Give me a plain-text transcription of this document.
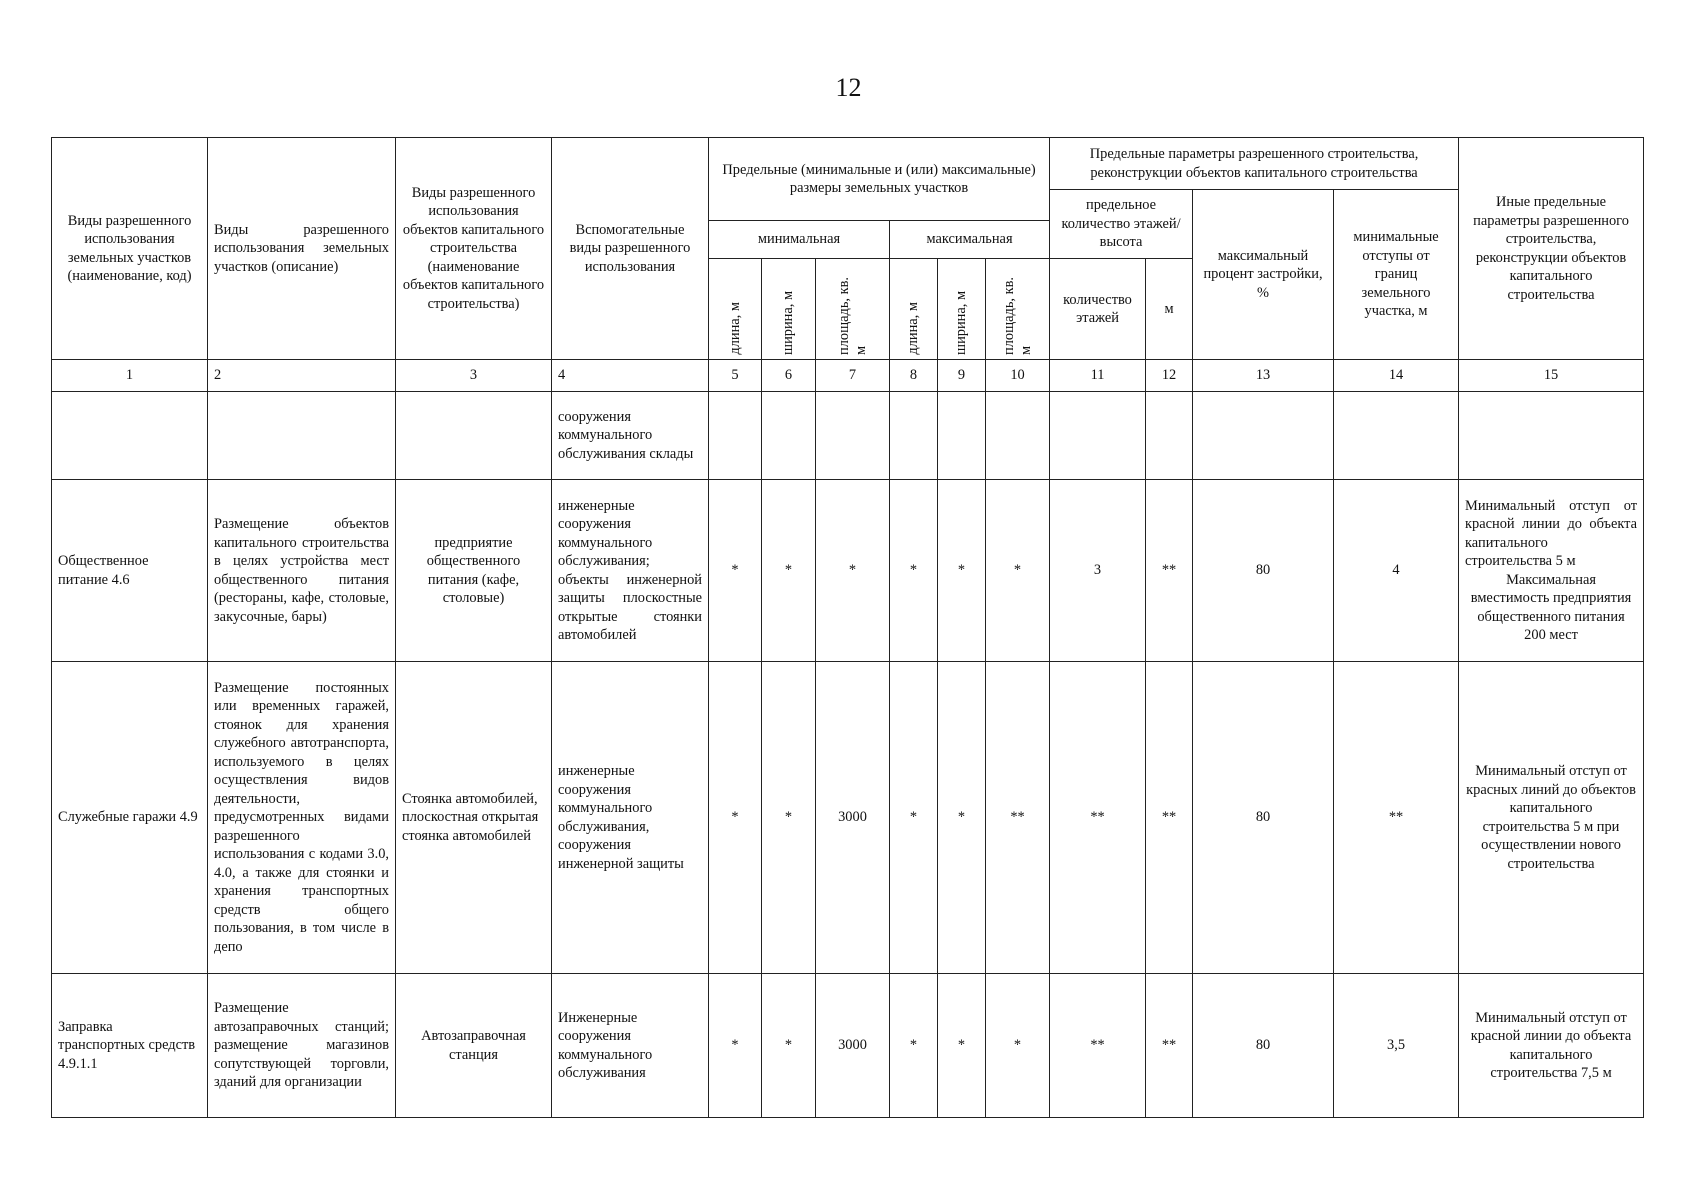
12
Виды разрешенного использования земельных участков (наименование, код)	Виды разрешенного использования земельных участков (описание)	Виды разрешенного использования объектов капитального строительства (наименование объектов капитального строительства)	Вспомогательные виды разрешенного использования	Предельные (минимальные и (или) максимальные) размеры земельных участков						Предельные параметры разрешенного строительства, реконструкции объектов капитального строительства				Иные предельные параметры разрешенного строительства, реконструкции объектов капитального строительства
										предельное количество этажей/высота		максимальный процент застройки, %	минимальные отступы от границ земельного участка, м	
				минимальная			максимальная							

				длина, м	ширина, м	площадь, кв. м	длина, м	ширина, м	площадь, кв. м	количество этажей	м			
1	2	3	4	5	6	7	8	9	10	11	12	13	14	15
			сооружения коммунального обслуживания склады											
Общественное питание 4.6	Размещение объектов капитального строительства в целях устройства мест общественного питания (рестораны, кафе, столовые, закусочные, бары)	предприятие общественного питания (кафе, столовые)	инженерные сооружения коммунального обслуживания; объекты инженерной защиты плоскостные открытые стоянки автомобилей	*	*	*	*	*	*	3	**	80	4	Минимальный отступ от красной линии до объекта капитального строительства 5 м
Максимальная вместимость предприятия общественного питания 200 мест

Служебные гаражи 4.9	Размещение постоянных или временных гаражей, стоянок для хранения служебного автотранспорта, используемого в целях осуществления видов деятельности, предусмотренных видами разрешенного использования с кодами 3.0, 4.0, а также для стоянки и хранения транспортных средств общего пользования, в том числе в депо	Стоянка автомобилей, плоскостная открытая стоянка автомобилей	инженерные сооружения коммунального обслуживания, сооружения инженерной защиты	*	*	3000	*	*	**	**	**	80	**	Минимальный отступ от красных линий до объектов капитального строительства 5 м при осуществлении нового строительства
Заправка транспортных средств 4.9.1.1	Размещение автозаправочных станций; размещение магазинов сопутствующей торговли, зданий для организации	Автозаправочная станция	Инженерные сооружения коммунального обслуживания	*	*	3000	*	*	*	**	**	80	3,5	Минимальный отступ от красной линии до объекта капитального строительства 7,5 м
